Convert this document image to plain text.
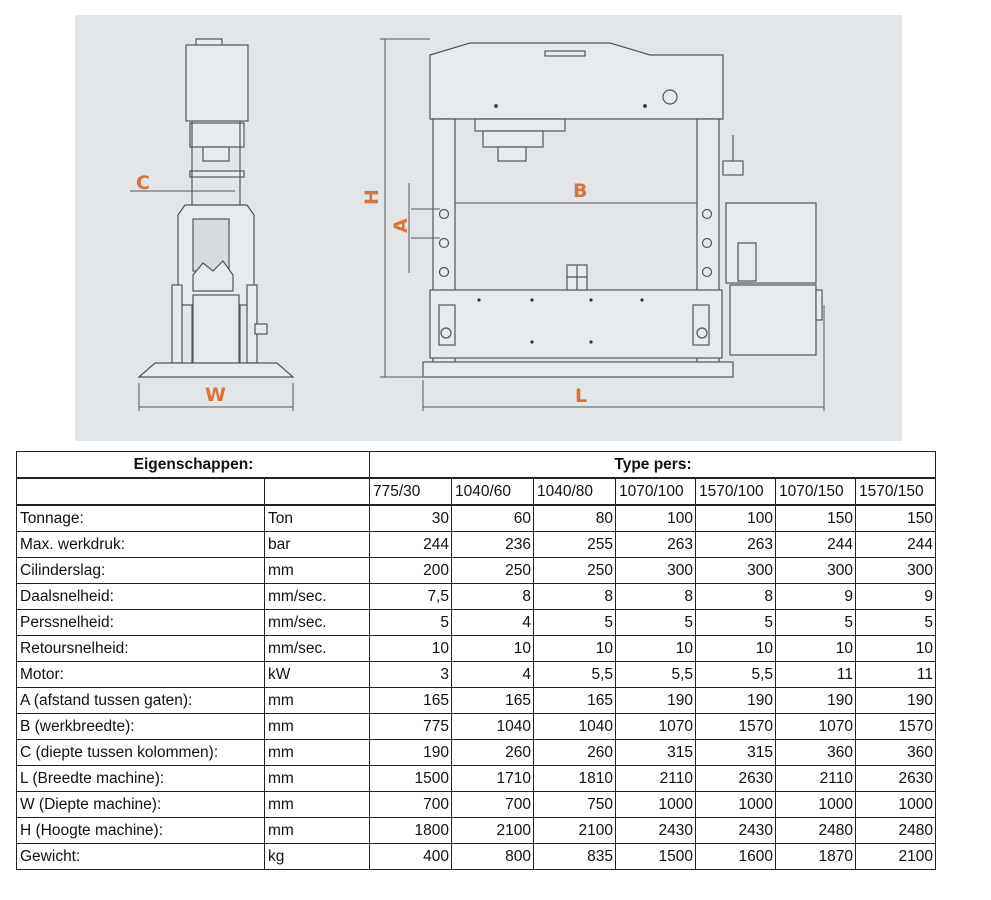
C
W
H
A
B
L
Eigenschappen:		Type pers:						
		775/30	1040/60	1040/80	1070/100	1570/100	1070/150	1570/150
Tonnage:	Ton	30	60	80	100	100	150	150
Max. werkdruk:	bar	244	236	255	263	263	244	244
Cilinderslag:	mm	200	250	250	300	300	300	300
Daalsnelheid:	mm/sec.	7,5	8	8	8	8	9	9
Perssnelheid:	mm/sec.	5	4	5	5	5	5	5
Retoursnelheid:	mm/sec.	10	10	10	10	10	10	10
Motor:	kW	3	4	5,5	5,5	5,5	11	11
A (afstand tussen gaten):	mm	165	165	165	190	190	190	190
B (werkbreedte):	mm	775	1040	1040	1070	1570	1070	1570
C (diepte tussen kolommen):	mm	190	260	260	315	315	360	360
L (Breedte machine):	mm	1500	1710	1810	2110	2630	2110	2630
W (Diepte machine):	mm	700	700	750	1000	1000	1000	1000
H (Hoogte machine):	mm	1800	2100	2100	2430	2430	2480	2480
Gewicht:	kg	400	800	835	1500	1600	1870	2100
